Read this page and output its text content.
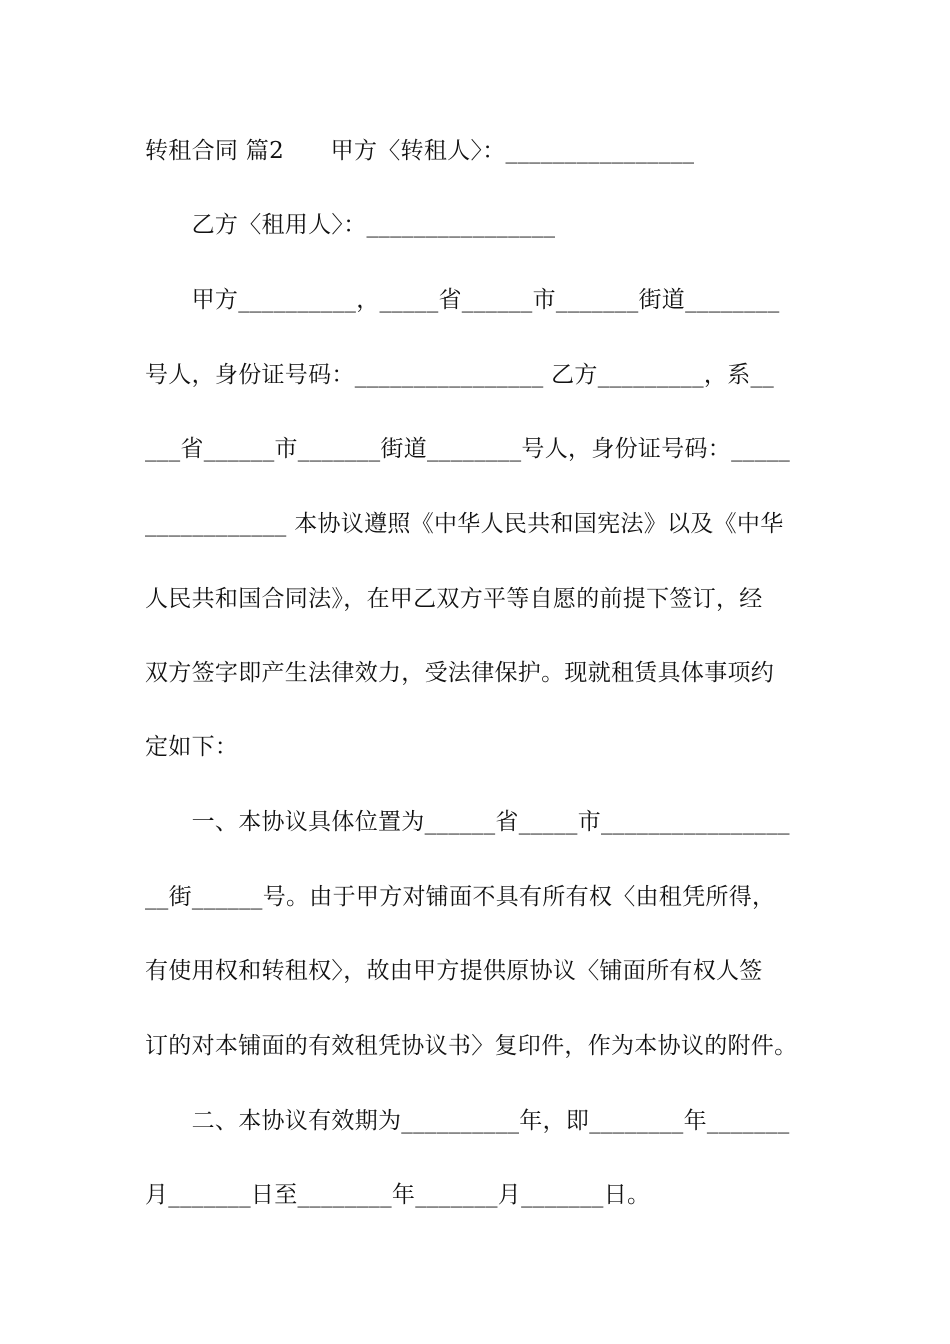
转租合同 篇2　　甲方〈转租人〉：________________
　　乙方〈租用人〉：________________
　　甲方__________，_____省______市_______街道________
号人，身份证号码：________________ 乙方_________，系__
___省______市_______街道________号人，身份证号码：_____
____________ 本协议遵照《中华人民共和国宪法》以及《中华
人民共和国合同法》，在甲乙双方平等自愿的前提下签订，经
双方签字即产生法律效力，受法律保护。现就租赁具体事项约
定如下：
　　一、本协议具体位置为______省_____市________________
__街______号。由于甲方对铺面不具有所有权〈由租凭所得，
有使用权和转租权〉，故由甲方提供原协议〈铺面所有权人签
订的对本铺面的有效租凭协议书〉复印件，作为本协议的附件。
　　二、本协议有效期为__________年，即________年_______
月_______日至________年_______月_______日。
